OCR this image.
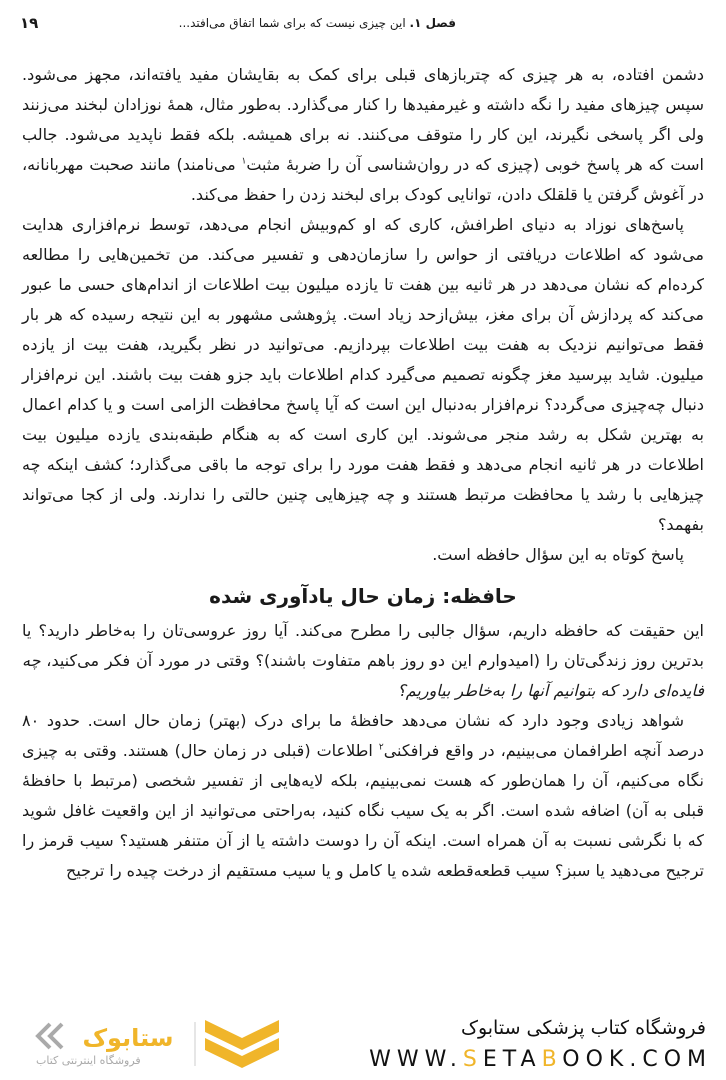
۱۹	فصل ۱. این چیزی نیست که برای شما اتفاق می‌افتد...

دشمن افتاده، به هر چیزی که چتربازهای قبلی برای کمک به بقایشان مفید یافته‌اند، مجهز می‌شود. سپس چیزهای مفید را نگه داشته و غیرمفیدها را کنار می‌گذارد. به‌طور مثال، همهٔ نوزادان لبخند می‌زنند ولی اگر پاسخی نگیرند، این کار را متوقف می‌کنند. نه برای همیشه. بلکه فقط ناپدید می‌شود. جالب است که هر پاسخ خوبی (چیزی که در روان‌شناسی آن را ضربهٔ مثبت$^۱$ می‌نامند) مانند صحبت مهربانانه، در آغوش گرفتن یا قلقلک دادن، توانایی کودک برای لبخند زدن را حفظ می‌کند.

پاسخ‌های نوزاد به دنیای اطرافش، کاری که او کم‌وبیش انجام می‌دهد، توسط نرم‌افزاری هدایت می‌شود که اطلاعات دریافتی از حواس را سازمان‌دهی و تفسیر می‌کند. من تخمین‌هایی را مطالعه کرده‌ام که نشان می‌دهد در هر ثانیه بین هفت تا یازده میلیون بیت اطلاعات از اندام‌های حسی ما عبور می‌کند که پردازش آن برای مغز، بیش‌ازحد زیاد است. پژوهشی مشهور به این نتیجه رسیده که هر بار فقط می‌توانیم نزدیک به هفت بیت اطلاعات بپردازیم. می‌توانید در نظر بگیرید، هفت بیت از یازده میلیون. شاید بپرسید مغز چگونه تصمیم می‌گیرد کدام اطلاعات باید جزو هفت بیت باشند. این نرم‌افزار دنبال چه‌چیزی می‌گردد؟ نرم‌افزار به‌دنبال این است که آیا پاسخ محافظت الزامی است و یا کدام اعمال به بهترین شکل به رشد منجر می‌شوند. این کاری است که به هنگام طبقه‌بندی یازده میلیون بیت اطلاعات در هر ثانیه انجام می‌دهد و فقط هفت مورد را برای توجه ما باقی می‌گذارد؛ کشف اینکه چه چیزهایی با رشد یا محافظت مرتبط هستند و چه چیزهایی چنین حالتی را ندارند. ولی از کجا می‌تواند بفهمد؟

پاسخ کوتاه به این سؤال حافظه است.

حافظه: زمان حال یادآوری شده

این حقیقت که حافظه داریم، سؤال جالبی را مطرح می‌کند. آیا روز عروسی‌تان را به‌خاطر دارید؟ یا بدترین روز زندگی‌تان را (امیدوارم این دو روز باهم متفاوت باشند)؟ وقتی در مورد آن فکر می‌کنید، چه فایده‌ای دارد که بتوانیم آنها را به‌خاطر بیاوریم؟

شواهد زیادی وجود دارد که نشان می‌دهد حافظهٔ ما برای درک (بهتر) زمان حال است. حدود ۸۰ درصد آنچه اطرافمان می‌بینیم، در واقع فرافکنی$^۲$ اطلاعات (قبلی در زمان حال) هستند. وقتی به چیزی نگاه می‌کنیم، آن را همان‌طور که هست نمی‌بینیم، بلکه لایه‌هایی از تفسیر شخصی (مرتبط با حافظهٔ قبلی به آن) اضافه شده است. اگر به یک سیب نگاه کنید، به‌راحتی می‌توانید از این واقعیت غافل شوید که با نگرشی نسبت به آن همراه است. اینکه آن را دوست داشته یا از آن متنفر هستید؟ سیب قرمز را ترجیح می‌دهید یا سبز؟ سیب قطعه‌قطعه شده یا کامل و یا سیب مستقیم از درخت چیده را ترجیح

ستابوک
فروشگاه اینترنتی کتاب
فروشگاه کتاب پزشکی ستابوک
WWW.SETABOOK.COM
